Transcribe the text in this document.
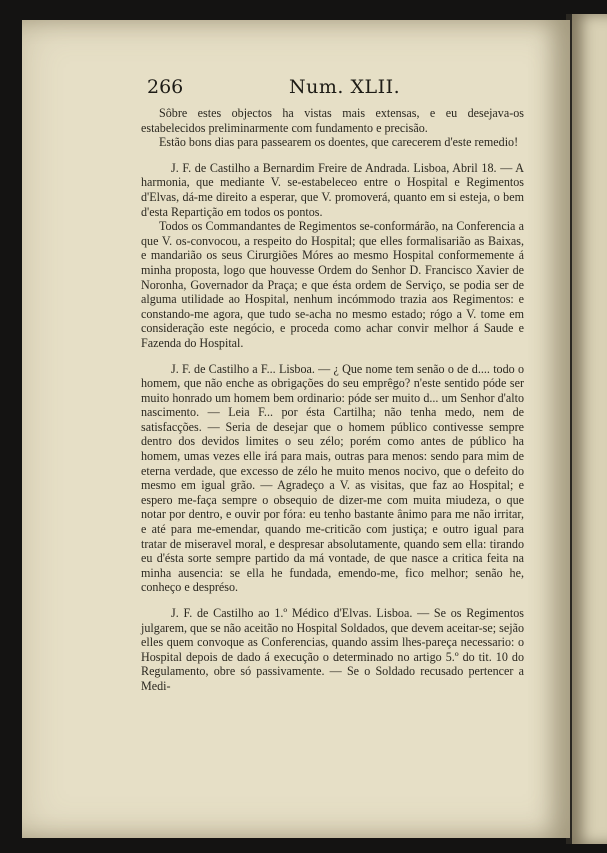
266	Num. XLII.

Sôbre estes objectos ha vistas mais extensas, e eu desejava-os estabelecidos preliminarmente com fundamento e precisão.

Estão bons dias para passearem os doentes, que carecerem d'este remedio!

J. F. de Castilho a Bernardim Freire de Andrada. Lisboa, Abril 18. — A harmonia, que mediante V. se-estabeleceo entre o Hospital e Regimentos d'Elvas, dá-me direito a esperar, que V. promoverá, quanto em si esteja, o bem d'esta Repartição em todos os pontos.

Todos os Commandantes de Regimentos se-conformárão, na Conferencia a que V. os-convocou, a respeito do Hospital; que elles formalisarião as Baixas, e mandarião os seus Cirurgiões Móres ao mesmo Hospital conformemente á minha proposta, logo que houvesse Ordem do Senhor D. Francisco Xavier de Noronha, Governador da Praça; e que ésta ordem de Serviço, se podia ser de alguma utilidade ao Hospital, nenhum incómmodo trazia aos Regimentos: e constando-me agora, que tudo se-acha no mesmo estado; rógo a V. tome em consideração este negócio, e proceda como achar convir melhor á Saude e Fazenda do Hospital.

J. F. de Castilho a F... Lisboa. — ¿ Que nome tem senão o de d.... todo o homem, que não enche as obrigações do seu emprêgo? n'este sentido póde ser muito honrado um homem bem ordinario: póde ser muito d... um Senhor d'alto nascimento. — Leia F... por ésta Cartilha; não tenha medo, nem de satisfacções. — Seria de desejar que o homem público contivesse sempre dentro dos devidos limites o seu zélo; porém como antes de público ha homem, umas vezes elle irá para mais, outras para menos: sendo para mim de eterna verdade, que excesso de zélo he muito menos nocivo, que o defeito do mesmo em igual grão. — Agradeço a V. as visitas, que faz ao Hospital; e espero me-faça sempre o obsequio de dizer-me com muita miudeza, o que notar por dentro, e ouvir por fóra: eu tenho bastante ânimo para me não irritar, e até para me-emendar, quando me-criticão com justiça; e outro igual para tratar de miseravel moral, e despresar absolutamente, quando sem ella: tirando eu d'ésta sorte sempre partido da má vontade, de que nasce a critica feita na minha ausencia: se ella he fundada, emendo-me, fico melhor; senão he, conheço e despréso.

J. F. de Castilho ao 1.º Médico d'Elvas. Lisboa. — Se os Regimentos julgarem, que se não aceitão no Hospital Soldados, que devem aceitar-se; sejão elles quem convoque as Conferencias, quando assim lhes-pareça necessario: o Hospital depois de dado á execução o determinado no artigo 5.º do tit. 10 do Regulamento, obre só passivamente. — Se o Soldado recusado pertencer a Medi-
